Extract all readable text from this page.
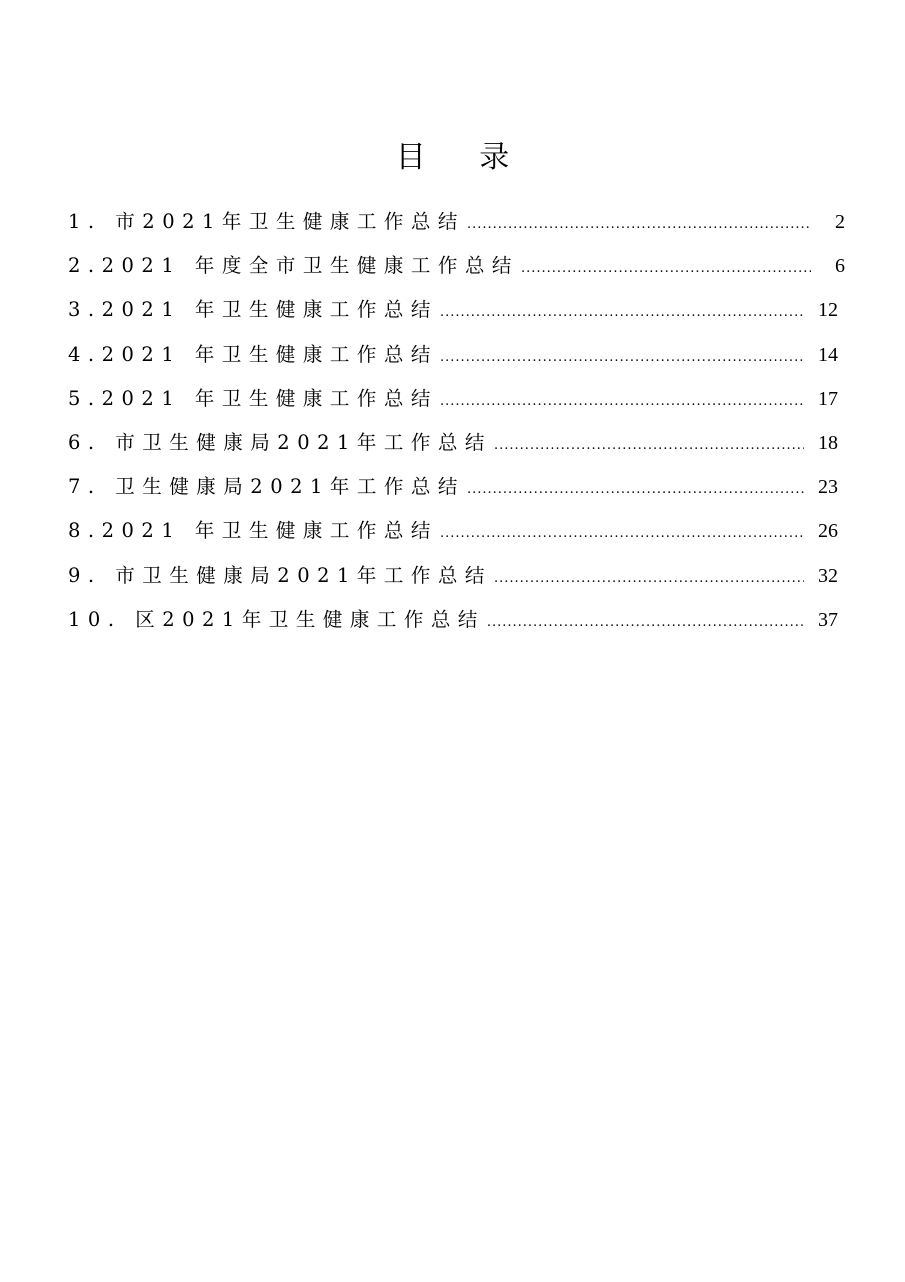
目 录
1. 市2021年卫生健康工作总结 .....	2
2.2021 年度全市卫生健康工作总结 .....	6
3.2021 年卫生健康工作总结 .....	12
4.2021 年卫生健康工作总结 .....	14
5.2021 年卫生健康工作总结 .....	17
6. 市卫生健康局2021年工作总结 .....	18
7. 卫生健康局2021年工作总结 .....	23
8.2021 年卫生健康工作总结 .....	26
9. 市卫生健康局2021年工作总结 .....	32
10. 区2021年卫生健康工作总结 .....	37
